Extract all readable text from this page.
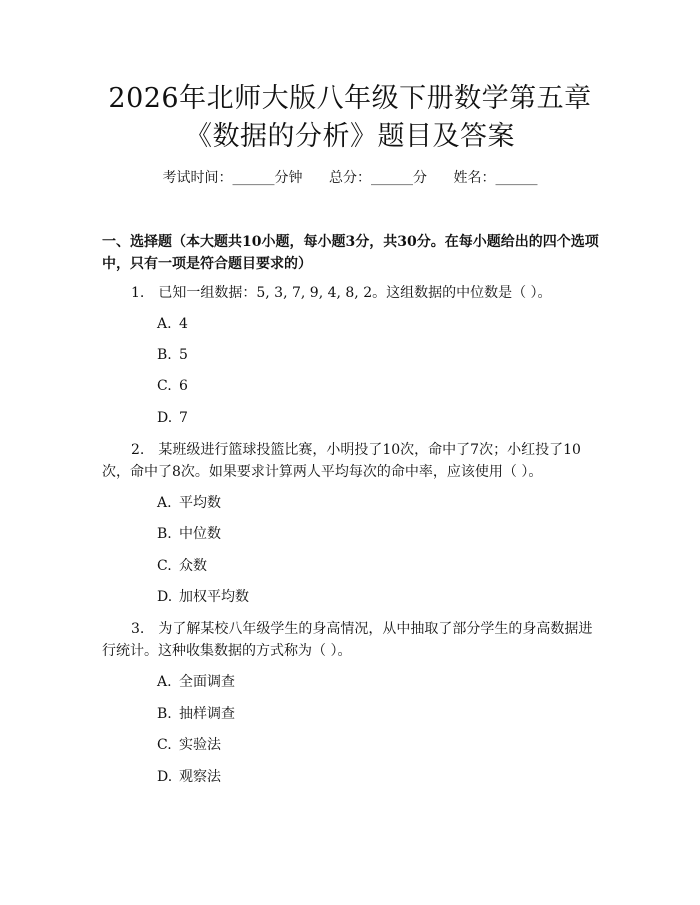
2026年北师大版八年级下册数学第五章《数据的分析》题目及答案
考试时间：______分钟 总分：______分 姓名：______
一、选择题（本大题共10小题，每小题3分，共30分。在每小题给出的四个选项中，只有一项是符合题目要求的）
1. 已知一组数据：5, 3, 7, 9, 4, 8, 2。这组数据的中位数是（ ）。
A. 4
B. 5
C. 6
D. 7
2. 某班级进行篮球投篮比赛，小明投了10次，命中了7次；小红投了10次，命中了8次。如果要求计算两人平均每次的命中率，应该使用（ ）。
A. 平均数
B. 中位数
C. 众数
D. 加权平均数
3. 为了解某校八年级学生的身高情况，从中抽取了部分学生的身高数据进行统计。这种收集数据的方式称为（ ）。
A. 全面调查
B. 抽样调查
C. 实验法
D. 观察法
